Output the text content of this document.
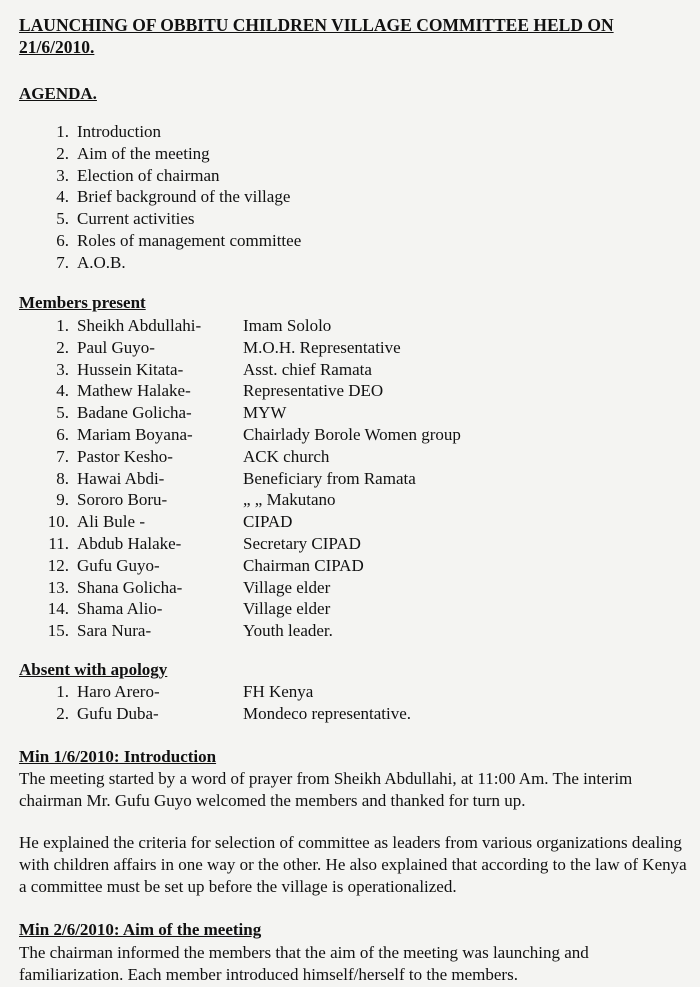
LAUNCHING OF OBBITU CHILDREN VILLAGE COMMITTEE HELD ON 21/6/2010.
AGENDA.
1. Introduction
2. Aim of the meeting
3. Election of chairman
4. Brief background of the village
5. Current activities
6. Roles of management committee
7. A.O.B.
Members present
1. Sheikh Abdullahi- Imam Sololo
2. Paul Guyo-	M.O.H. Representative
3. Hussein Kitata-	Asst. chief Ramata
4. Mathew Halake-	Representative DEO
5. Badane Golicha-	MYW
6. Mariam Boyana-	Chairlady Borole Women group
7. Pastor Kesho-	ACK church
8. Hawai Abdi-	Beneficiary from Ramata
9. Sororo Boru-	„ „ Makutano
10. Ali Bule -	CIPAD
11. Abdub Halake-	Secretary CIPAD
12. Gufu Guyo-	Chairman CIPAD
13. Shana Golicha-	Village elder
14. Shama Alio-	Village elder
15. Sara Nura-	Youth leader.
Absent with apology
1. Haro Arero-	FH Kenya
2. Gufu Duba-	Mondeco representative.
Min 1/6/2010: Introduction

The meeting started by a word of prayer from Sheikh Abdullahi, at 11:00 Am. The interim chairman Mr. Gufu Guyo welcomed the members and thanked for turn up.

He explained the criteria for selection of committee as leaders from various organizations dealing with children affairs in one way or the other. He also explained that according to the law of Kenya a committee must be set up before the village is operationalized.

Min 2/6/2010: Aim of the meeting

The chairman informed the members that the aim of the meeting was launching and familiarization. Each member introduced himself/herself to the members.
